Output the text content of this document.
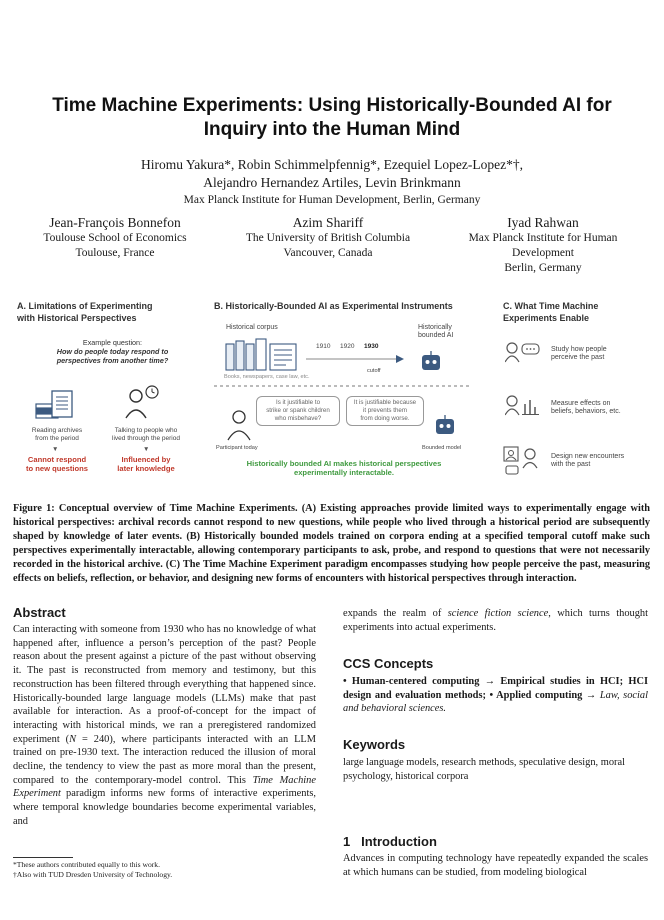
Time Machine Experiments: Using Historically-Bounded AI for
Inquiry into the Human Mind
Hiromu Yakura*, Robin Schimmelpfennig*, Ezequiel Lopez-Lopez*†,
Alejandro Hernandez Artiles, Levin Brinkmann
Max Planck Institute for Human Development, Berlin, Germany
Jean-François Bonnefon
Toulouse School of Economics
Toulouse, France
Azim Shariff
The University of British Columbia
Vancouver, Canada
Iyad Rahwan
Max Planck Institute for Human
Development
Berlin, Germany
A. Limitations of Experimenting
with Historical Perspectives
Example question:
How do people today respond to
perspectives from another time?
Reading archives
from the period
Talking to people who
lived through the period
▼	▼
Cannot respond
to new questions
Influenced by
later knowledge
B. Historically-Bounded AI as Experimental Instruments
Historical corpus	Historically
bounded AI
Books, newspapers, case law, etc.
1910 1920 1930
cutoff
Participant today
Is it justifiable to
strike or spank children
who misbehave?
It is justifiable because
it prevents them
from doing worse.
Bounded model
Historically bounded AI makes historical perspectives
experimentally interactable.
C. What Time Machine
Experiments Enable
Study how people
perceive the past
Measure effects on
beliefs, behaviors, etc.
Design new encounters
with the past
Figure 1: Conceptual overview of Time Machine Experiments. (A) Existing approaches provide limited ways to experimentally engage with historical perspectives: archival records cannot respond to new questions, while people who lived through a historical period are subsequently shaped by knowledge of later events. (B) Historically bounded models trained on corpora ending at a specified temporal cutoff make such perspectives experimentally interactable, allowing contemporary participants to ask, probe, and respond to questions that were not necessarily recorded in the historical archive. (C) The Time Machine Experiment paradigm encompasses studying how people perceive the past, measuring effects on beliefs, reflection, or behavior, and designing new forms of encounters with historical perspectives through interaction.
Abstract
Can interacting with someone from 1930 who has no knowledge of what happened after, influence a person’s perception of the past? People reason about the present against a picture of the past without observing it. The past is reconstructed from memory and testimony, but this reconstruction has been filtered through everything that happened since. Historically-bounded large language models (LLMs) make that past available for interaction. As a proof-of-concept for the impact of interacting with historical minds, we ran a preregistered randomized experiment (N = 240), where participants interacted with an LLM trained on pre-1930 text. The interaction reduced the illusion of moral decline, the tendency to view the past as more moral than the present, compared to the contemporary-model control. This Time Machine Experiment paradigm informs new forms of interactive experiments, where temporal knowledge boundaries become experimental variables, and
*These authors contributed equally to this work.
†Also with TUD Dresden University of Technology.
expands the realm of science fiction science, which turns thought experiments into actual experiments.
CCS Concepts
• Human-centered computing → Empirical studies in HCI; HCI design and evaluation methods; • Applied computing → Law, social and behavioral sciences.
Keywords
large language models, research methods, speculative design, moral psychology, historical corpora
1 Introduction
Advances in computing technology have repeatedly expanded the scales at which humans can be studied, from modeling biological
